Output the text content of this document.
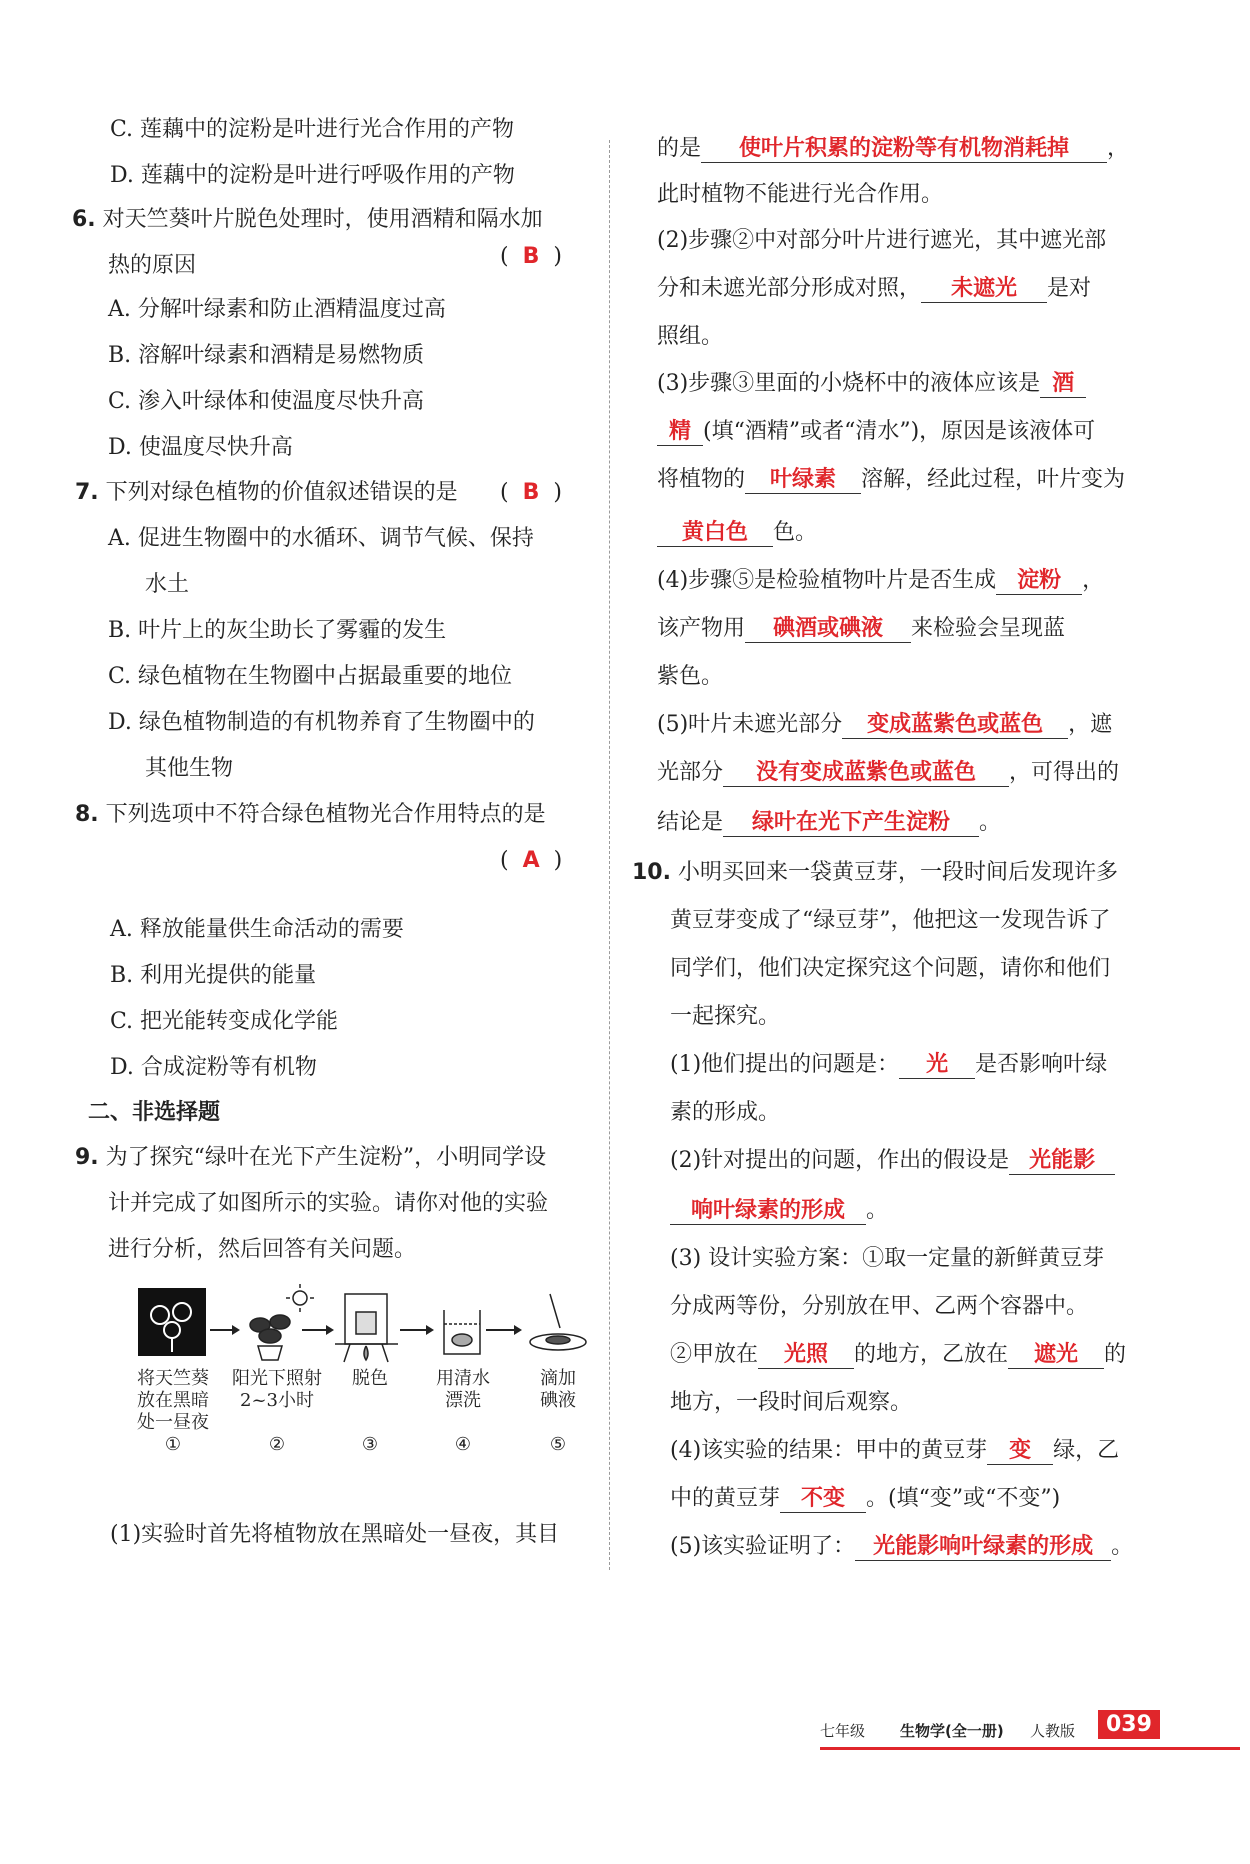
C. 莲藕中的淀粉是叶进行光合作用的产物
D. 莲藕中的淀粉是叶进行呼吸作用的产物
6. 对天竺葵叶片脱色处理时，使用酒精和隔水加
热的原因	(  B  )
A. 分解叶绿素和防止酒精温度过高
B. 溶解叶绿素和酒精是易燃物质
C. 渗入叶绿体和使温度尽快升高
D. 使温度尽快升高
7. 下列对绿色植物的价值叙述错误的是 (  B  )
A. 促进生物圈中的水循环、调节气候、保持
水土
B. 叶片上的灰尘助长了雾霾的发生
C. 绿色植物在生物圈中占据最重要的地位
D. 绿色植物制造的有机物养育了生物圈中的
其他生物
8. 下列选项中不符合绿色植物光合作用特点的是
(  A  )
A. 释放能量供生命活动的需要
B. 利用光提供的能量
C. 把光能转变成化学能
D. 合成淀粉等有机物
二、非选择题
9. 为了探究“绿叶在光下产生淀粉”，小明同学设
计并完成了如图所示的实验。请你对他的实验
进行分析，然后回答有关问题。
将天竺葵
放在黑暗
处一昼夜
①
阳光下照射
2~3小时
②
脱色
③
用清水
漂洗
④
滴加
碘液
⑤
(1)实验时首先将植物放在黑暗处一昼夜，其目
的是 使叶片积累的淀粉等有机物消耗掉 ，
此时植物不能进行光合作用。
(2)步骤②中对部分叶片进行遮光，其中遮光部
分和未遮光部分形成对照， 未遮光 是对
照组。
(3)步骤③里面的小烧杯中的液体应该是 酒
精 (填“酒精”或者“清水”)，原因是该液体可
将植物的 叶绿素 溶解，经此过程，叶片变为
黄白色 色。
(4)步骤⑤是检验植物叶片是否生成 淀粉 ，
该产物用 碘酒或碘液 来检验会呈现蓝
紫色。
(5)叶片未遮光部分 变成蓝紫色或蓝色 ，遮
光部分 没有变成蓝紫色或蓝色 ，可得出的
结论是 绿叶在光下产生淀粉 。
10. 小明买回来一袋黄豆芽，一段时间后发现许多
黄豆芽变成了“绿豆芽”，他把这一发现告诉了
同学们，他们决定探究这个问题，请你和他们
一起探究。
(1)他们提出的问题是： 光 是否影响叶绿
素的形成。
(2)针对提出的问题，作出的假设是 光能影
响叶绿素的形成 。
(3) 设计实验方案：①取一定量的新鲜黄豆芽
分成两等份，分别放在甲、乙两个容器中。
②甲放在 光照 的地方，乙放在 遮光 的
地方，一段时间后观察。
(4)该实验的结果：甲中的黄豆芽 变 绿，乙
中的黄豆芽 不变 。(填“变”或“不变”)
(5)该实验证明了： 光能影响叶绿素的形成 。
七年级 生物学(全一册) 人教版	039
